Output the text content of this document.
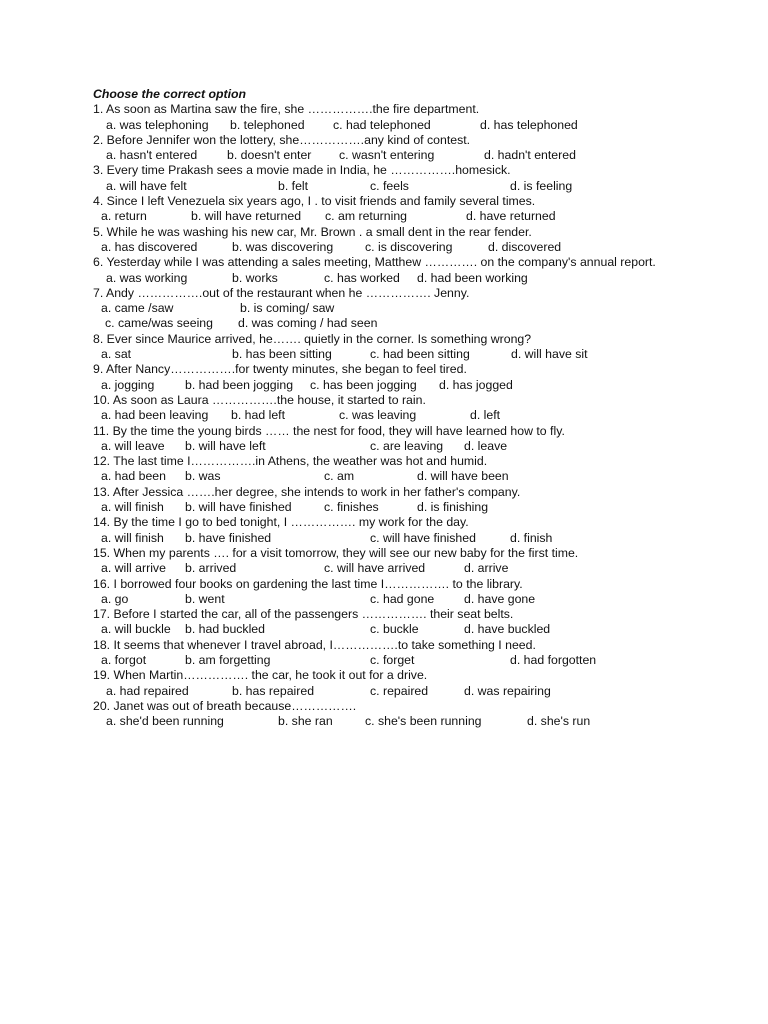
Choose the correct option
1. As soon as Martina saw the fire, she …………….the fire department.
a. was telephoning b. telephoned c. had telephoned	d. has telephoned
2. Before Jennifer won the lottery, she…………….any kind of contest.
a. hasn't entered b. doesn't enter c. wasn't entering	d. hadn't entered
3. Every time Prakash sees a movie made in India, he …………….homesick.
a. will have felt	b. felt	c. feels	d. is feeling
4. Since I left Venezuela six years ago, I . to visit friends and family several times.
a. return	b. will have returned c. am returning	d. have returned
5. While he was washing his new car, Mr. Brown . a small dent in the rear fender.
a. has discovered	b. was discovering	c. is discovering	d. discovered
6. Yesterday while I was attending a sales meeting, Matthew …………. on the company's annual report.
a. was working	b. works	c. has worked d. had been working
7. Andy …………….out of the restaurant when he ……………. Jenny.
a. came /saw	b. is coming/ saw
c. came/was seeing d. was coming / had seen
8. Ever since Maurice arrived, he……. quietly in the corner. Is something wrong?
a. sat	b. has been sitting	c. had been sitting	d. will have sit
9. After Nancy…………….for twenty minutes, she began to feel tired.
a. jogging b. had been jogging c. has been jogging d. has jogged
10. As soon as Laura …………….the house, it started to rain.
a. had been leaving b. had left	c. was leaving	d. left
11. By the time the young birds …… the nest for food, they will have learned how to fly.
a. will leave b. will have left	c. are leaving d. leave
12. The last time I…………….in Athens, the weather was hot and humid.
a. had been b. was	c. am	d. will have been
13. After Jessica …….her degree, she intends to work in her father's company.
a. will finish b. will have finished	c. finishes	d. is finishing
14. By the time I go to bed tonight, I ……………. my work for the day.
a. will finish b. have finished	c. will have finished	d. finish
15. When my parents …. for a visit tomorrow, they will see our new baby for the first time.
a. will arrive b. arrived	c. will have arrived	d. arrive
16. I borrowed four books on gardening the last time I……………. to the library.
a. go	b. went	c. had gone d. have gone
17. Before I started the car, all of the passengers ……………. their seat belts.
a. will buckle b. had buckled	c. buckle	d. have buckled
18. It seems that whenever I travel abroad, I…………….to take something I need.
a. forgot	b. am forgetting	c. forget	d. had forgotten
19. When Martin……………. the car, he took it out for a drive.
a. had repaired	b. has repaired	c. repaired	d. was repairing
20. Janet was out of breath because…………….
a. she'd been running	b. she ran	c. she's been running	d. she's run
